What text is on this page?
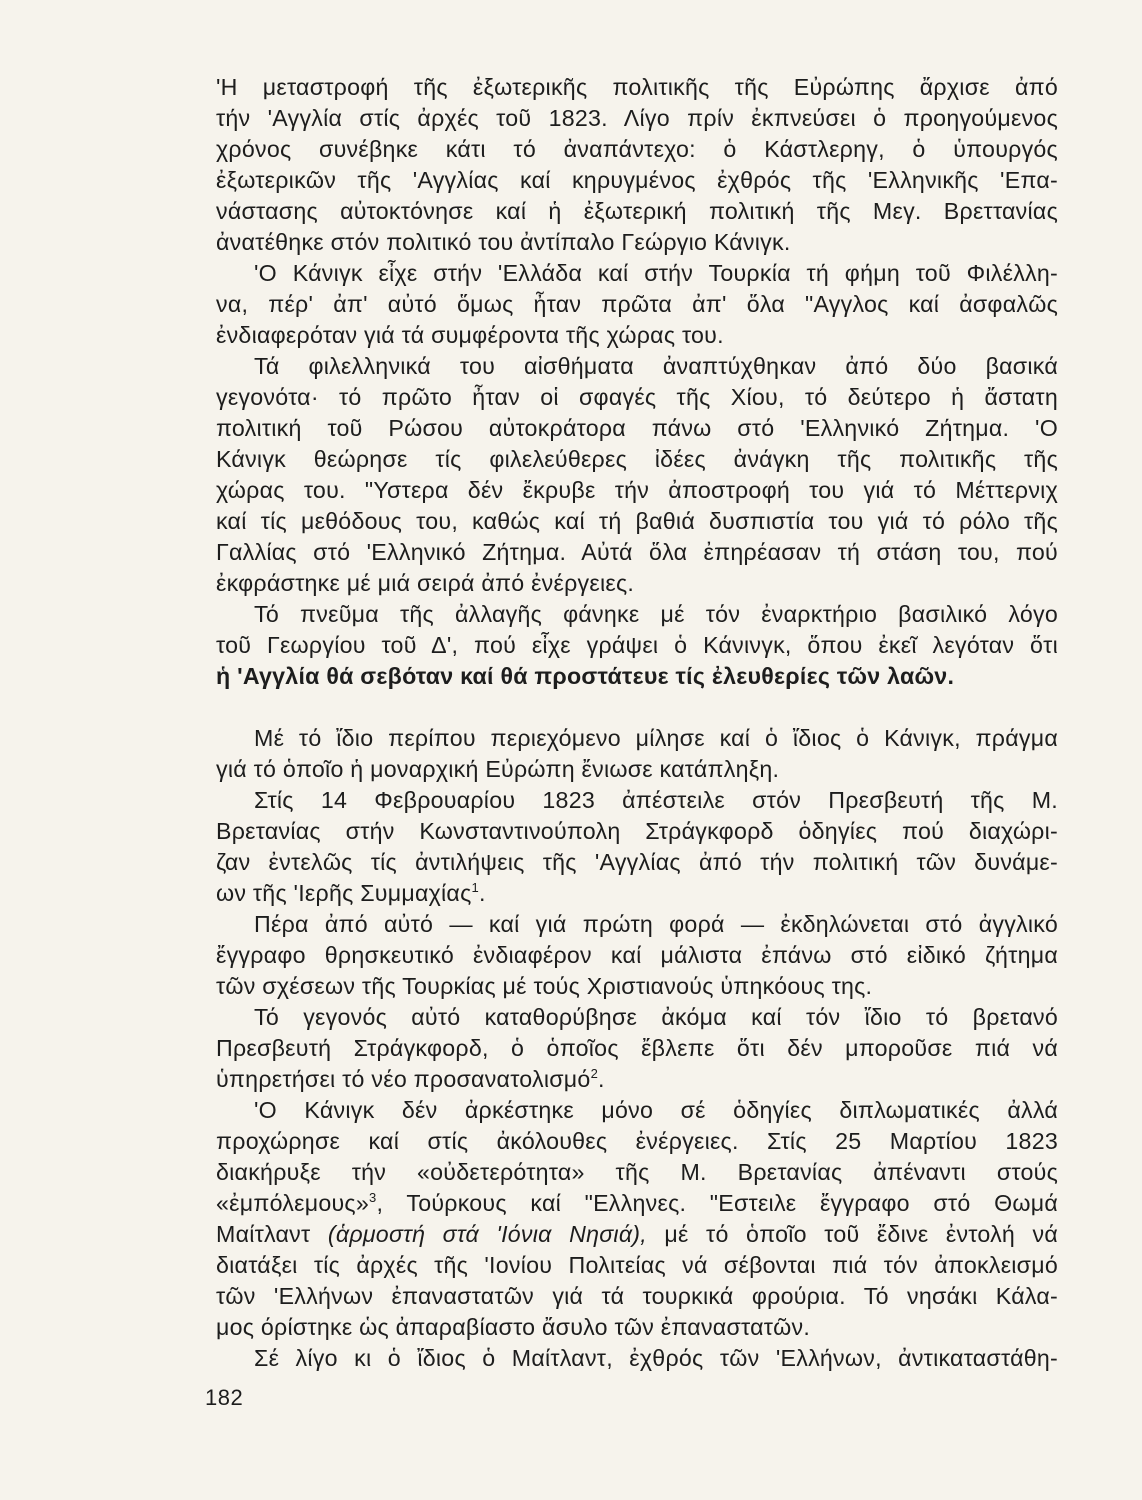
'Η μεταστροφή τῆς ἐξωτερικῆς πολιτικῆς τῆς Εὐρώπης ἄρχισε ἀπό
τήν 'Αγγλία στίς ἀρχές τοῦ 1823. Λίγο πρίν ἐκπνεύσει ὁ προηγούμενος
χρόνος συνέβηκε κάτι τό ἀναπάντεχο: ὁ Κάστλερηγ, ὁ ὑπουργός
ἐξωτερικῶν τῆς 'Αγγλίας καί κηρυγμένος ἐχθρός τῆς 'Ελληνικῆς 'Επα-
νάστασης αὐτοκτόνησε καί ἡ ἐξωτερική πολιτική τῆς Μεγ. Βρεττανίας
ἀνατέθηκε στόν πολιτικό του ἀντίπαλο Γεώργιο Κάνιγκ.
'Ο Κάνιγκ εἶχε στήν 'Ελλάδα καί στήν Τουρκία τή φήμη τοῦ Φιλέλλη-
να, πέρ' ἀπ' αὐτό ὅμως ἦταν πρῶτα ἀπ' ὅλα "Αγγλος καί ἀσφαλῶς
ἐνδιαφερόταν γιά τά συμφέροντα τῆς χώρας του.
Τά φιλελληνικά του αἰσθήματα ἀναπτύχθηκαν ἀπό δύο βασικά
γεγονότα· τό πρῶτο ἦταν οἱ σφαγές τῆς Χίου, τό δεύτερο ἡ ἄστατη
πολιτική τοῦ Ρώσου αὐτοκράτορα πάνω στό 'Ελληνικό Ζήτημα. 'Ο
Κάνιγκ θεώρησε τίς φιλελεύθερες ἰδέες ἀνάγκη τῆς πολιτικῆς τῆς
χώρας του. "Υστερα δέν ἔκρυβε τήν ἀποστροφή του γιά τό Μέττερνιχ
καί τίς μεθόδους του, καθώς καί τή βαθιά δυσπιστία του γιά τό ρόλο τῆς
Γαλλίας στό 'Ελληνικό Ζήτημα. Αὐτά ὅλα ἐπηρέασαν τή στάση του, πού
ἐκφράστηκε μέ μιά σειρά ἀπό ἐνέργειες.
Τό πνεῦμα τῆς ἀλλαγῆς φάνηκε μέ τόν ἐναρκτήριο βασιλικό λόγο
τοῦ Γεωργίου τοῦ Δ', πού εἶχε γράψει ὁ Κάνινγκ, ὅπου ἐκεῖ λεγόταν ὅτι
ἡ 'Αγγλία θά σεβόταν καί θά προστάτευε τίς ἐλευθερίες τῶν λαῶν.
Μέ τό ἴδιο περίπου περιεχόμενο μίλησε καί ὁ ἴδιος ὁ Κάνιγκ, πράγμα
γιά τό ὁποῖο ἡ μοναρχική Εὐρώπη ἔνιωσε κατάπληξη.
Στίς 14 Φεβρουαρίου 1823 ἀπέστειλε στόν Πρεσβευτή τῆς Μ.
Βρετανίας στήν Κωνσταντινούπολη Στράγκφορδ ὁδηγίες πού διαχώρι-
ζαν ἐντελῶς τίς ἀντιλήψεις τῆς 'Αγγλίας ἀπό τήν πολιτική τῶν δυνάμε-
ων τῆς 'Ιερῆς Συμμαχίας$^1$.
Πέρα ἀπό αὐτό — καί γιά πρώτη φορά — ἐκδηλώνεται στό ἀγγλικό
ἔγγραφο θρησκευτικό ἐνδιαφέρον καί μάλιστα ἐπάνω στό εἰδικό ζήτημα
τῶν σχέσεων τῆς Τουρκίας μέ τούς Χριστιανούς ὑπηκόους της.
Τό γεγονός αὐτό καταθορύβησε ἀκόμα καί τόν ἴδιο τό βρετανό
Πρεσβευτή Στράγκφορδ, ὁ ὁποῖος ἔβλεπε ὅτι δέν μποροῦσε πιά νά
ὑπηρετήσει τό νέο προσανατολισμό$^2$.
'Ο Κάνιγκ δέν ἀρκέστηκε μόνο σέ ὁδηγίες διπλωματικές ἀλλά
προχώρησε καί στίς ἀκόλουθες ἐνέργειες. Στίς 25 Μαρτίου 1823
διακήρυξε τήν «οὐδετερότητα» τῆς Μ. Βρετανίας ἀπέναντι στούς
«ἐμπόλεμους»$^3$, Τούρκους καί "Ελληνες. "Εστειλε ἔγγραφο στό Θωμά
Μαίτλαντ (ἁρμοστή στά 'Ιόνια Νησιά), μέ τό ὁποῖο τοῦ ἔδινε ἐντολή νά
διατάξει τίς ἀρχές τῆς 'Ιονίου Πολιτείας νά σέβονται πιά τόν ἀποκλεισμό
τῶν 'Ελλήνων ἐπαναστατῶν γιά τά τουρκικά φρούρια. Τό νησάκι Κάλα-
μος όρίστηκε ὡς ἀπαραβίαστο ἄσυλο τῶν ἐπαναστατῶν.
Σέ λίγο κι ὁ ἴδιος ὁ Μαίτλαντ, ἐχθρός τῶν 'Ελλήνων, ἀντικαταστάθη-
182
